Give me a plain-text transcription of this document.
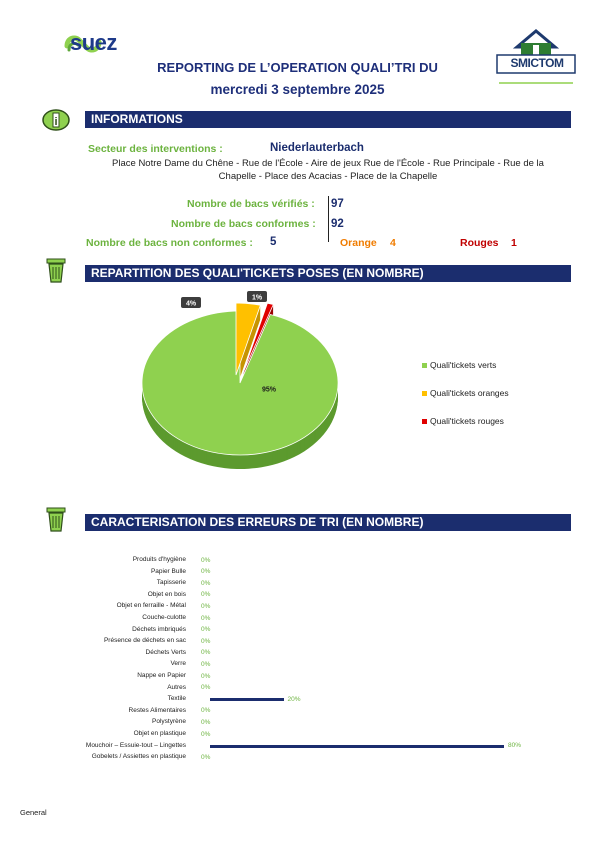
suez
REPORTING DE L’OPERATION QUALI’TRI DU
mercredi 3 septembre 2025
SMICTOM
i	INFORMATIONS
Secteur des interventions :	Niederlauterbach
Place Notre Dame du Chêne - Rue de l'École - Aire de jeux Rue de l'École - Rue Principale - Rue de la
Chapelle - Place des Acacias - Place de la Chapelle
Nombre de bacs vérifiés : 97
Nombre de bacs conformes : 92
Nombre de bacs non conformes : 5	Orange 4	Rouges 1
REPARTITION DES QUALI'TICKETS POSES (EN NOMBRE)
95%
4%
1%
Quali'tickets verts
Quali'tickets oranges
Quali'tickets rouges
CARACTERISATION DES ERREURS DE TRI (EN NOMBRE)
Produits d'hygiène 0%
Papier Bulle 0%
Tapisserie 0%
Objet en bois 0%
Objet en ferraille - Métal 0%
Couche-culotte 0%
Déchets imbriqués 0%
Présence de déchets en sac 0%
Déchets Verts 0%
Verre 0%
Nappe en Papier 0%
Autres 0%
Textile	20%
Restes Alimentaires 0%
Polystyrène 0%
Objet en plastique 0%
Mouchoir – Essuie-tout – Lingettes	80%
Gobelets / Assiettes en plastique 0%
General
